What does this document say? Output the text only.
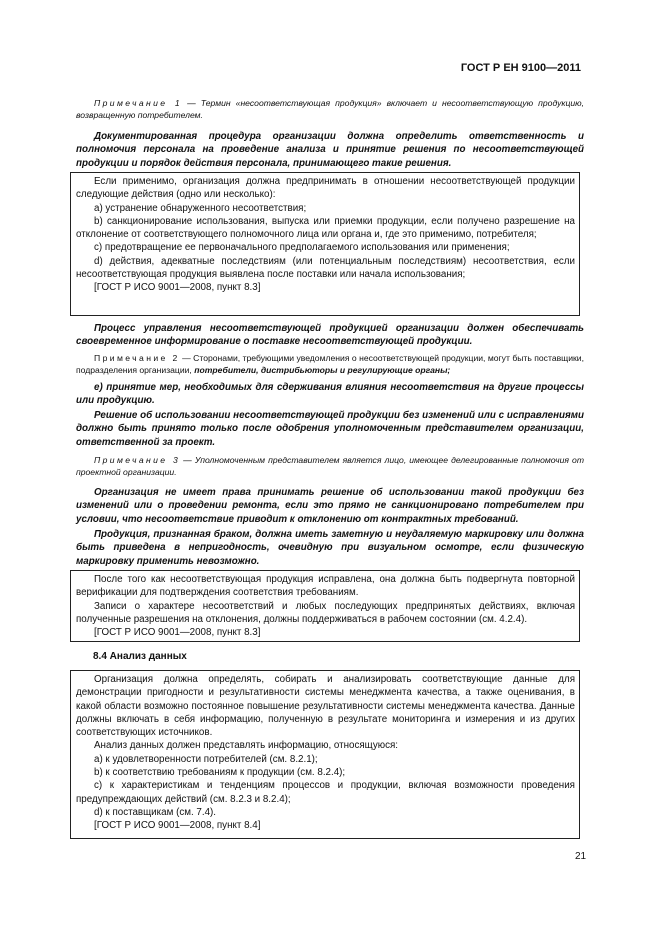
ГОСТ Р ЕН 9100—2011
Примечание 1 — Термин «несоответствующая продукция» включает и несоответствующую продукцию, возвращенную потребителем.
Документированная процедура организации должна определить ответственность и полномочия персонала на проведение анализа и принятие решения по несоответствующей продукции и порядок действия персонала, принимающего такие решения.

Если применимо, организация должна предпринимать в отношении несоответствующей продукции следующие действия (одно или несколько):

a) устранение обнаруженного несоответствия;

b) санкционирование использования, выпуска или приемки продукции, если получено разрешение на отклонение от соответствующего полномочного лица или органа и, где это применимо, потребителя;

c) предотвращение ее первоначального предполагаемого использования или применения;

d) действия, адекватные последствиям (или потенциальным последствиям) несоответствия, если несоответствующая продукция выявлена после поставки или начала использования;

[ГОСТ Р ИСО 9001—2008, пункт 8.3]

Процесс управления несоответствующей продукцией организации должен обеспечивать своевременное информирование о поставке несоответствующей продукции.
Примечание 2 — Сторонами, требующими уведомления о несоответствующей продукции, могут быть поставщики, подразделения организации, потребители, дистрибьюторы и регулирующие органы;
e) принятие мер, необходимых для сдерживания влияния несоответствия на другие процессы или продукцию.
Решение об использовании несоответствующей продукции без изменений или с исправлениями должно быть принято только после одобрения уполномоченным представителем организации, ответственной за проект.
Примечание 3 — Уполномоченным представителем является лицо, имеющее делегированные полномочия от проектной организации.
Организация не имеет права принимать решение об использовании такой продукции без изменений или о проведении ремонта, если это прямо не санкционировано потребителем при условии, что несоответствие приводит к отклонению от контрактных требований.
Продукция, признанная браком, должна иметь заметную и неудаляемую маркировку или должна быть приведена в непригодность, очевидную при визуальном осмотре, если физическую маркировку применить невозможно.

После того как несоответствующая продукция исправлена, она должна быть подвергнута повторной верификации для подтверждения соответствия требованиям.

Записи о характере несоответствий и любых последующих предпринятых действиях, включая полученные разрешения на отклонения, должны поддерживаться в рабочем состоянии (см. 4.2.4).

[ГОСТ Р ИСО 9001—2008, пункт 8.3]

8.4 Анализ данных

Организация должна определять, собирать и анализировать соответствующие данные для демонстрации пригодности и результативности системы менеджмента качества, а также оценивания, в какой области возможно постоянное повышение результативности системы менеджмента качества. Данные должны включать в себя информацию, полученную в результате мониторинга и измерения и из других соответствующих источников.

Анализ данных должен представлять информацию, относящуюся:

a) к удовлетворенности потребителей (см. 8.2.1);

b) к соответствию требованиям к продукции (см. 8.2.4);

c) к характеристикам и тенденциям процессов и продукции, включая возможности проведения предупреждающих действий (см. 8.2.3 и 8.2.4);

d) к поставщикам (см. 7.4).

[ГОСТ Р ИСО 9001—2008, пункт 8.4]

21
